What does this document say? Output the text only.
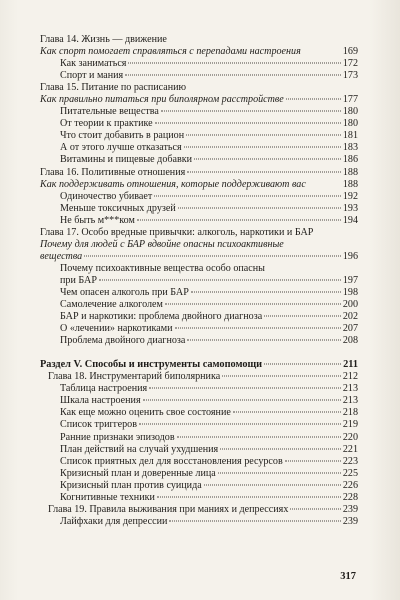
Глава 14. Жизнь — движение
Как спорт помогает справляться с перепадами настроения	169
Как заниматься	172
Спорт и мания	173
Глава 15. Питание по расписанию
Как правильно питаться при биполярном расстройстве	177
Питательные вещества	180
От теории к практике	180
Что стоит добавить в рацион	181
А от этого лучше отказаться	183
Витамины и пищевые добавки	186
Глава 16. Политивные отношения	188
Как поддерживать отношения, которые поддерживают вас	188
Одиночество убивает	192
Меньше токсичных друзей	193
Не быть м***ком	194
Глава 17. Особо вредные привычки: алкоголь, наркотики и БАР
Почему для людей с БАР вдвойне опасны психоактивные
вещества	196
Почему психоактивные вещества особо опасны
при БАР	197
Чем опасен алкоголь при БАР	198
Самолечение алкоголем	200
БАР и наркотики: проблема двойного диагноза	202
О «лечении» наркотиками	207
Проблема двойного диагноза	208
Раздел V. Способы и инструменты самопомощи	211
Глава 18. Инструментарий биполярника	212
Таблица настроения	213
Шкала настроения	213
Как еще можно оценить свое состояние	218
Список триггеров	219
Ранние признаки эпизодов	220
План действий на случай ухудшения	221
Список приятных дел для восстановления ресурсов	223
Кризисный план и доверенные лица	225
Кризисный план против суицида	226
Когнитивные техники	228
Глава 19. Правила выживания при маниях и депрессиях	239
Лайфхаки для депрессии	239
317
